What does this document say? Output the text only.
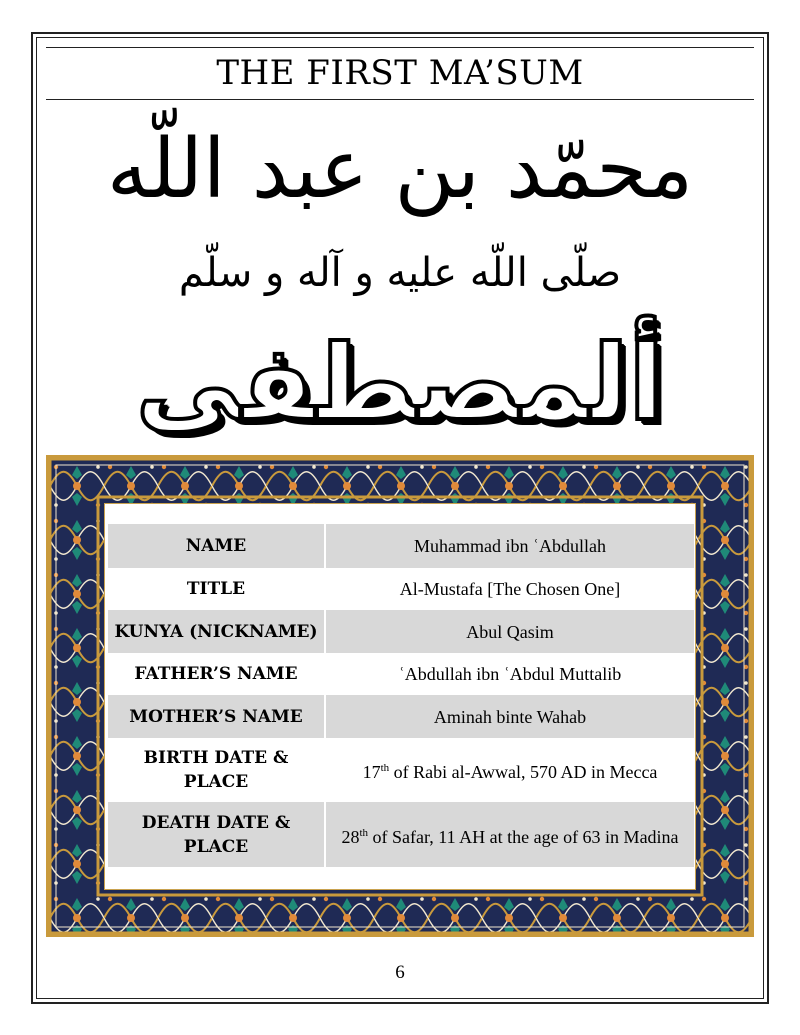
THE FIRST MA’SUM
محمّد بن عبد اللّه
صلّى اللّه عليه و آله و سلّم
ألمصطفى
NAME	Muhammad ibn ʿAbdullah
TITLE	Al-Mustafa [The Chosen One]
KUNYA (NICKNAME)	Abul Qasim
FATHER’S NAME	ʿAbdullah ibn ʿAbdul Muttalib
MOTHER’S NAME	Aminah binte Wahab
BIRTH DATE & PLACE	17th of Rabi al-Awwal, 570 AD in Mecca
DEATH DATE & PLACE	28th of Safar, 11 AH at the age of 63 in Madina
6
